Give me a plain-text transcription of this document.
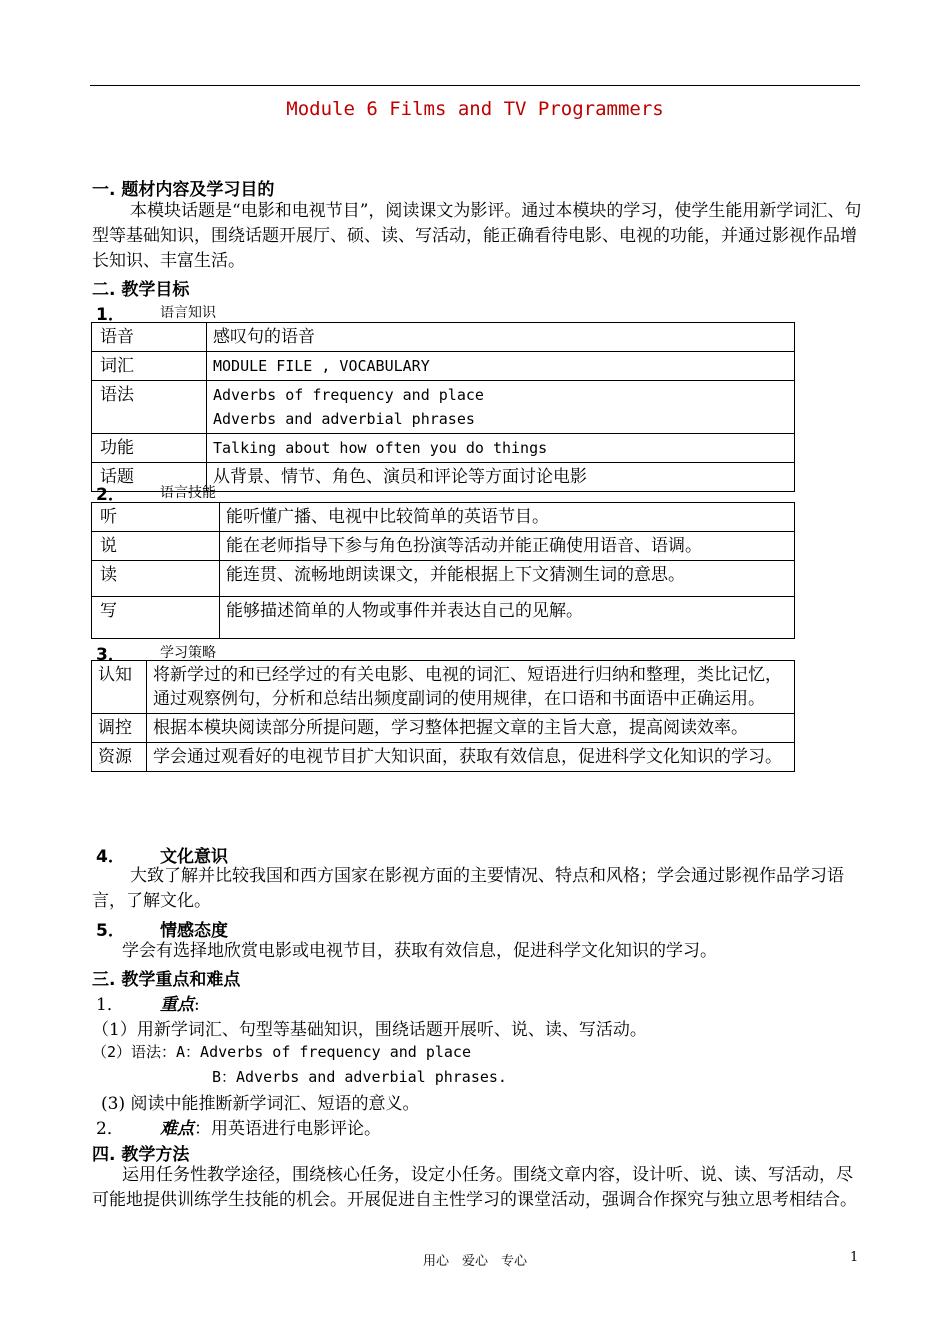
Module 6 Films and TV Programmers
一. 题材内容及学习目的
本模块话题是“电影和电视节目”，阅读课文为影评。通过本模块的学习，使学生能用新学词汇、句型等基础知识，围绕话题开展厅、硕、读、写活动，能正确看待电影、电视的功能，并通过影视作品增长知识、丰富生活。
二. 教学目标
1．	语言知识
语音	感叹句的语音
词汇	MODULE FILE , VOCABULARY
语法	Adverbs of frequency and place
Adverbs and adverbial phrases

功能	Talking about how often you do things
话题	从背景、情节、角色、演员和评论等方面讨论电影
2．	语言技能
听	能听懂广播、电视中比较简单的英语节目。
说	能在老师指导下参与角色扮演等活动并能正确使用语音、语调。
读	能连贯、流畅地朗读课文，并能根据上下文猜测生词的意思。
写	能够描述简单的人物或事件并表达自己的见解。
3．	学习策略
认知	将新学过的和已经学过的有关电影、电视的词汇、短语进行归纳和整理，类比记忆，通过观察例句，分析和总结出频度副词的使用规律，在口语和书面语中正确运用。
调控	根据本模块阅读部分所提问题，学习整体把握文章的主旨大意，提高阅读效率。
资源	学会通过观看好的电视节目扩大知识面，获取有效信息，促进科学文化知识的学习。
4． 文化意识
大致了解并比较我国和西方国家在影视方面的主要情况、特点和风格；学会通过影视作品学习语言，了解文化。
5． 情感态度
学会有选择地欣赏电影或电视节目，获取有效信息，促进科学文化知识的学习。
三. 教学重点和难点
1． 重点:
（1）用新学词汇、句型等基础知识，围绕话题开展听、说、读、写活动。
（2）语法：A：Adverbs of frequency and place
B：Adverbs and adverbial phrases.
(3) 阅读中能推断新学词汇、短语的意义。
2． 难点：用英语进行电影评论。
四. 教学方法
运用任务性教学途径，围绕核心任务，设定小任务。围绕文章内容，设计听、说、读、写活动，尽可能地提供训练学生技能的机会。开展促进自主性学习的课堂活动，强调合作探究与独立思考相结合。
用心　爱心　专心	1
